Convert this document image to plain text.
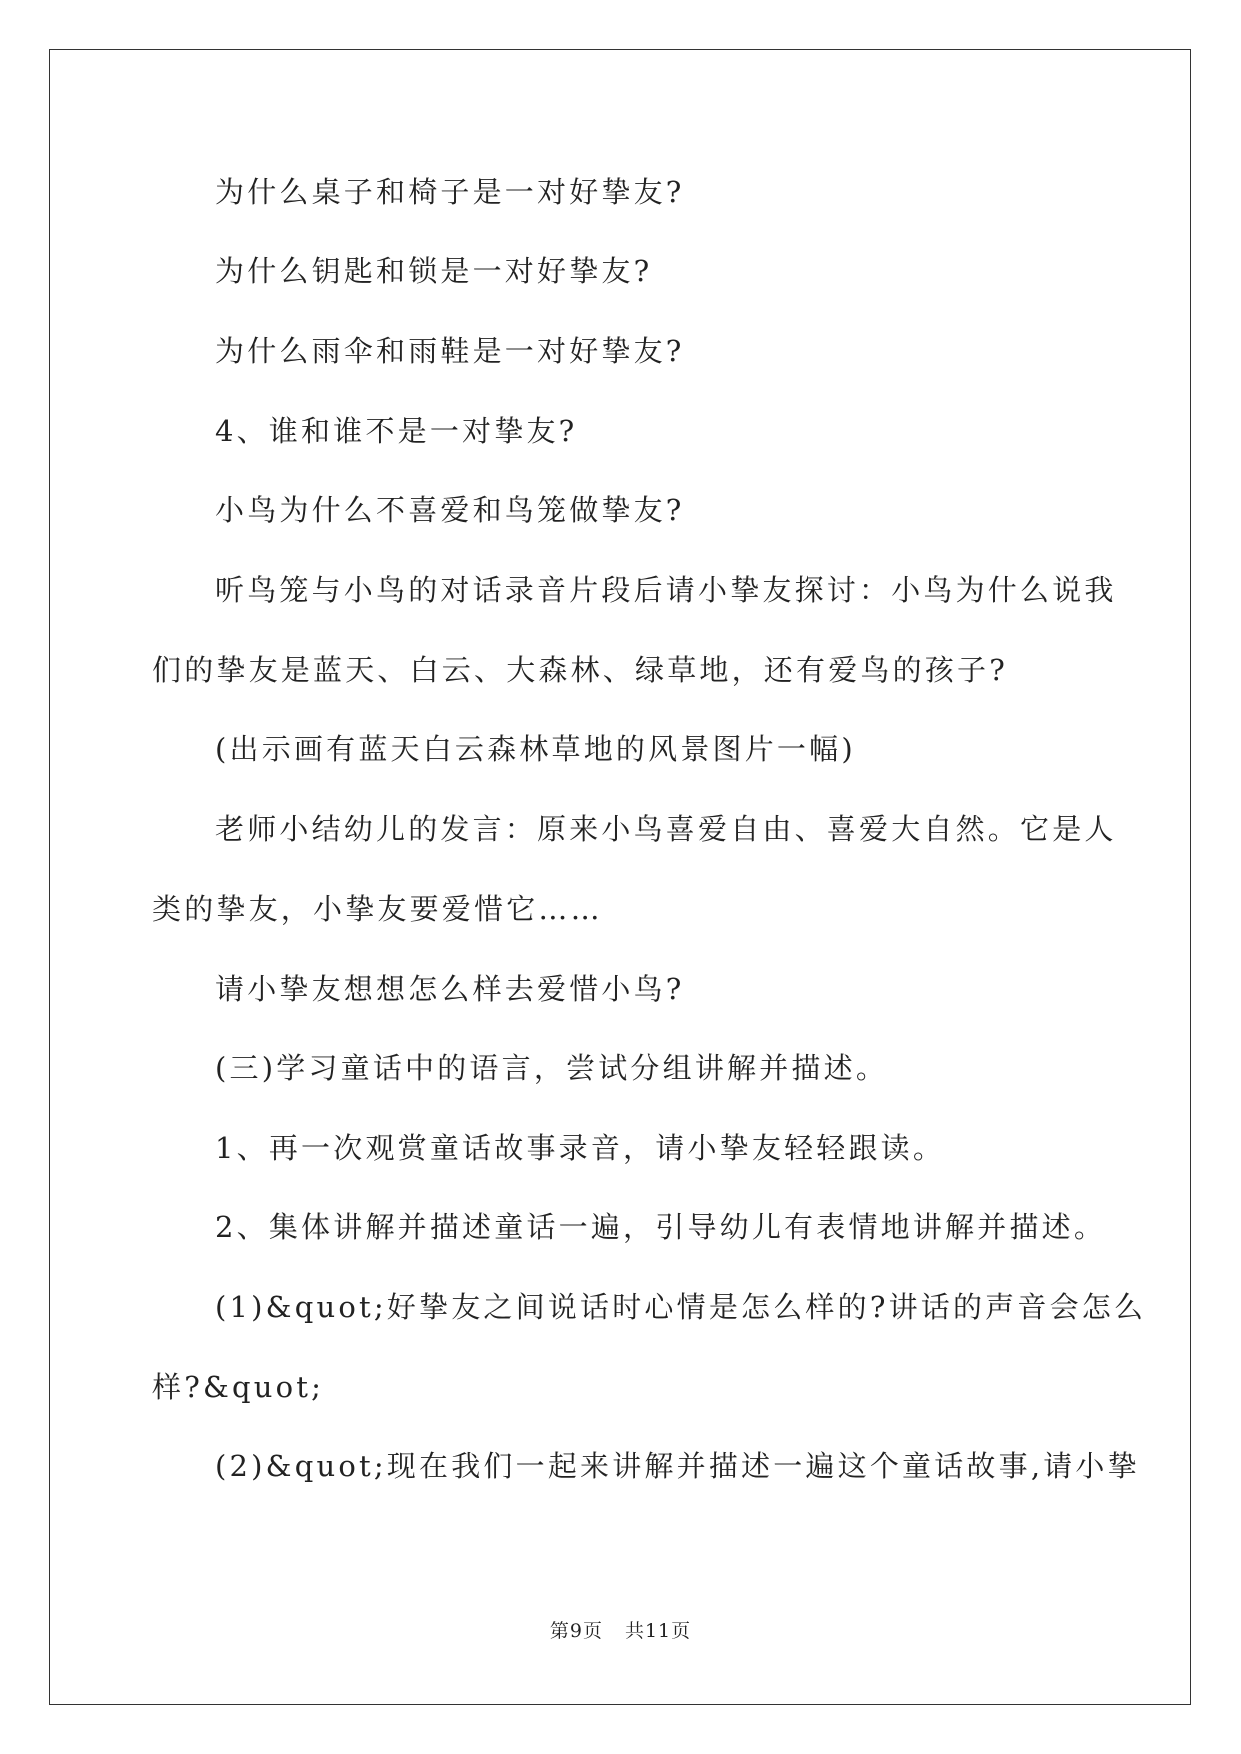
为什么桌子和椅子是一对好挚友?
为什么钥匙和锁是一对好挚友?
为什么雨伞和雨鞋是一对好挚友?
4、谁和谁不是一对挚友?
小鸟为什么不喜爱和鸟笼做挚友?
听鸟笼与小鸟的对话录音片段后请小挚友探讨：小鸟为什么说我
们的挚友是蓝天、白云、大森林、绿草地，还有爱鸟的孩子?
(出示画有蓝天白云森林草地的风景图片一幅)
老师小结幼儿的发言：原来小鸟喜爱自由、喜爱大自然。它是人
类的挚友，小挚友要爱惜它……
请小挚友想想怎么样去爱惜小鸟?
(三)学习童话中的语言，尝试分组讲解并描述。
1、再一次观赏童话故事录音，请小挚友轻轻跟读。
2、集体讲解并描述童话一遍，引导幼儿有表情地讲解并描述。
(1)&quot;好挚友之间说话时心情是怎么样的?讲话的声音会怎么
样?&quot;
(2)&quot;现在我们一起来讲解并描述一遍这个童话故事,请小挚
第9页 共11页
